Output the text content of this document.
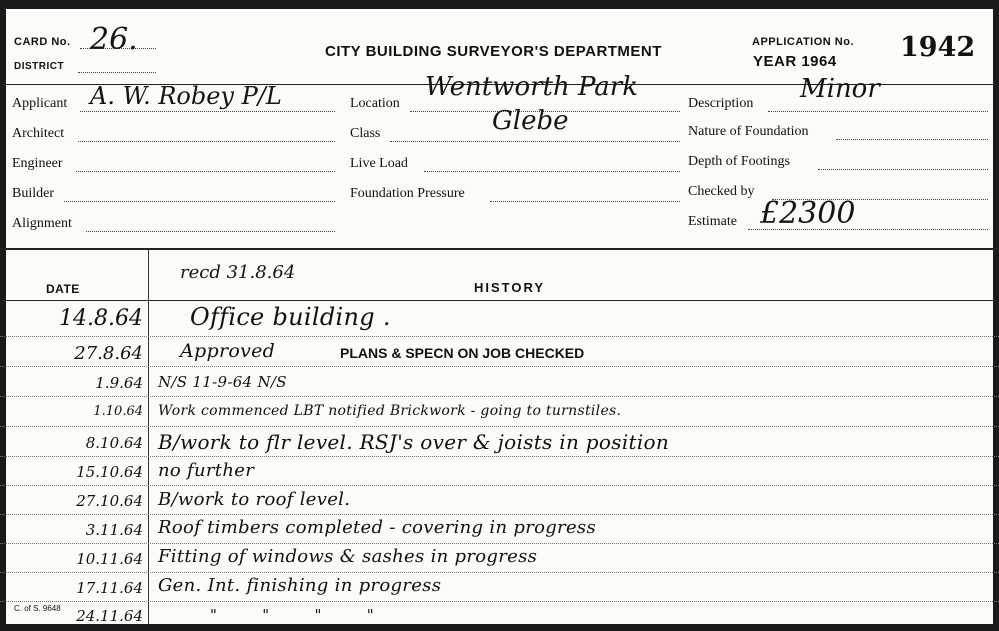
CARD No. 26.
DISTRICT
CITY BUILDING SURVEYOR'S DEPARTMENT
APPLICATION No. 1942
YEAR 1964
Applicant A. W. Robey P/L
Architect
Engineer
Builder
Alignment
Location
Wentworth Park
Class	Glebe
Live Load
Foundation Pressure
Description Minor
Nature of Foundation
Depth of Footings
Checked by
Estimate £2300
DATE	HISTORY
recd 31.8.64
14.8.64 Office building .
27.8.64 Approved	PLANS & SPECN ON JOB CHECKED
1.9.64 N/S 11-9-64 N/S
1.10.64 Work commenced LBT notified Brickwork - going to turnstiles.
8.10.64 B/work to flr level. RSJ's over & joists in position
15.10.64 no further
27.10.64 B/work to roof level.
3.11.64 Roof timbers completed - covering in progress
10.11.64 Fitting of windows & sashes in progress
17.11.64 Gen. Int. finishing in progress
24.11.64	" " " "
C. of S. 9648
